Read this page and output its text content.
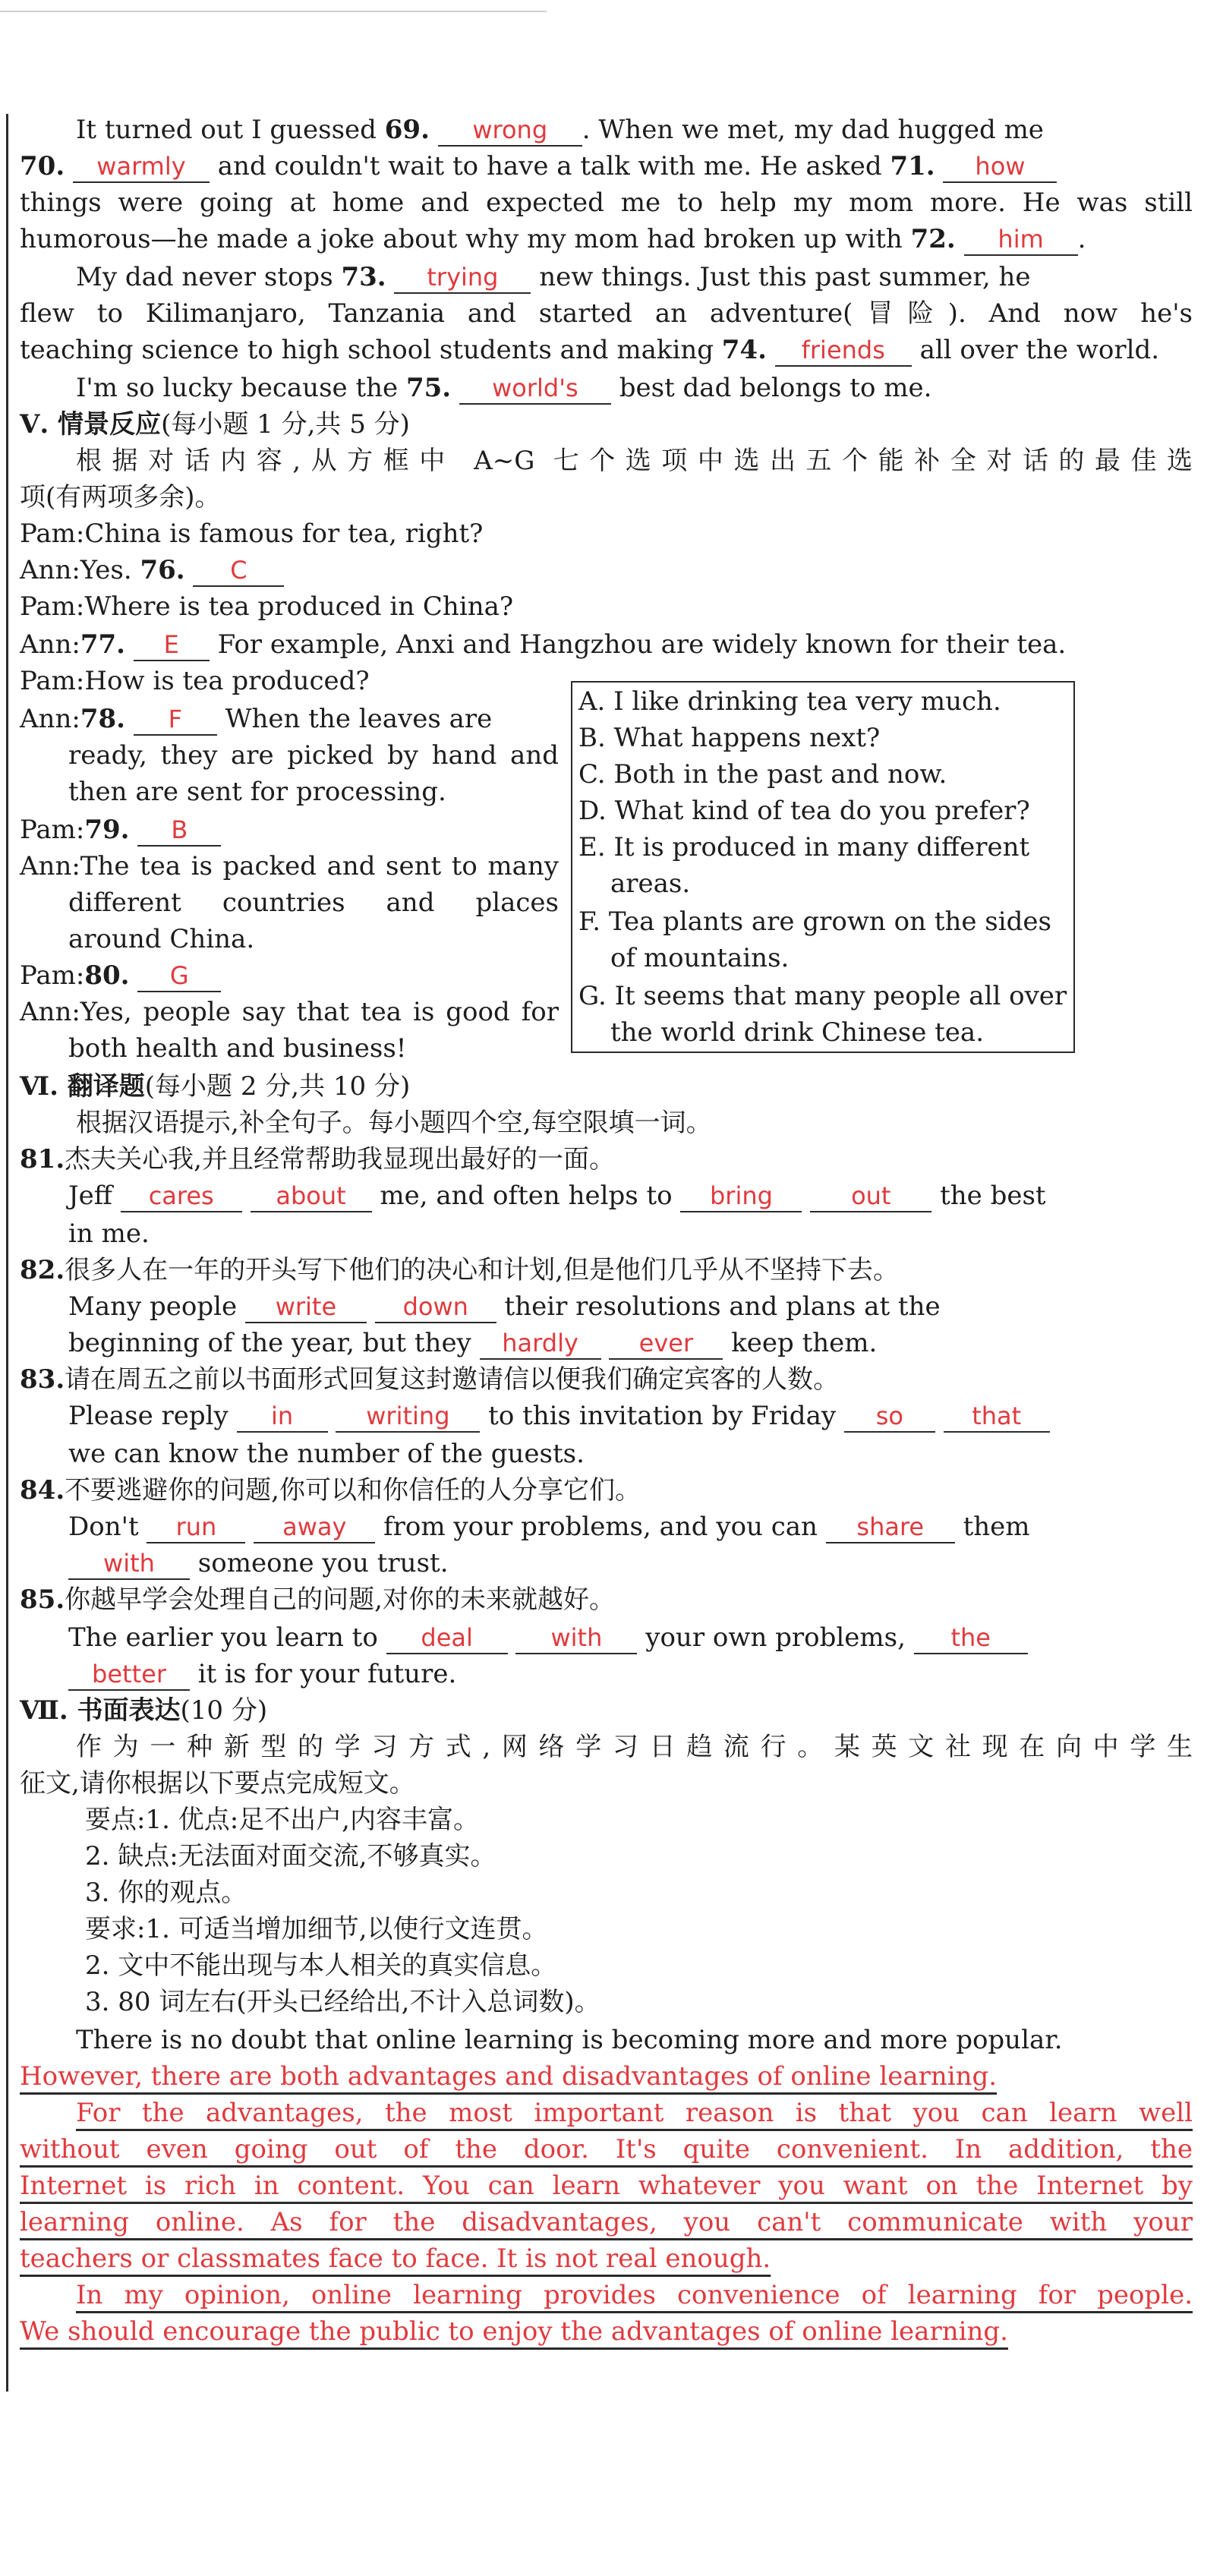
It turned out I guessed 69. wrong . When we met, my dad hugged me
70. warmly and couldn't wait to have a talk with me. He asked 71. how
things were going at home and expected me to help my mom more. He was still
humorous—he made a joke about why my mom had broken up with 72. him .
My dad never stops 73. trying new things. Just this past summer, he
flew to Kilimanjaro, Tanzania and started an adventure(冒险). And now he's
teaching science to high school students and making 74. friends all over the world.
I'm so lucky because the 75. world's best dad belongs to me.
Ⅴ. 情景反应(每小题 1 分,共 5 分)
根据对话内容,从方框中 A~G 七个选项中选出五个能补全对话的最佳选
项(有两项多余)。
Pam:China is famous for tea, right?
Ann:Yes. 76. C
Pam:Where is tea produced in China?
Ann:77. E For example, Anxi and Hangzhou are widely known for their tea.
Pam:How is tea produced?
Ann:78. F When the leaves are
ready, they are picked by hand and
then are sent for processing.
Pam:79. B
Ann:The tea is packed and sent to many
different countries and places
around China.
Pam:80. G
Ann:Yes, people say that tea is good for
both health and business!
A. I like drinking tea very much.
B. What happens next?
C. Both in the past and now.
D. What kind of tea do you prefer?
E. It is produced in many different
areas.
F. Tea plants are grown on the sides
of mountains.
G. It seems that many people all over
the world drink Chinese tea.
Ⅵ. 翻译题(每小题 2 分,共 10 分)
根据汉语提示,补全句子。每小题四个空,每空限填一词。
81.杰夫关心我,并且经常帮助我显现出最好的一面。
Jeff cares	about me, and often helps to bring	out the best
in me.
82.很多人在一年的开头写下他们的决心和计划,但是他们几乎从不坚持下去。
Many people write	down their resolutions and plans at the
beginning of the year, but they hardly ever keep them.
83.请在周五之前以书面形式回复这封邀请信以便我们确定宾客的人数。
Please reply in	writing to this invitation by Friday so	that
we can know the number of the guests.
84.不要逃避你的问题,你可以和你信任的人分享它们。
Don't run	away from your problems, and you can share them
with someone you trust.
85.你越早学会处理自己的问题,对你的未来就越好。
The earlier you learn to deal	with your own problems, the
better it is for your future.
Ⅶ. 书面表达(10 分)
作为一种新型的学习方式,网络学习日趋流行。某英文社现在向中学生
征文,请你根据以下要点完成短文。
要点:1. 优点:足不出户,内容丰富。
2. 缺点:无法面对面交流,不够真实。
3. 你的观点。
要求:1. 可适当增加细节,以使行文连贯。
2. 文中不能出现与本人相关的真实信息。
3. 80 词左右(开头已经给出,不计入总词数)。
There is no doubt that online learning is becoming more and more popular.
However, there are both advantages and disadvantages of online learning.
For the advantages, the most important reason is that you can learn well
without even going out of the door. It's quite convenient. In addition, the
Internet is rich in content. You can learn whatever you want on the Internet by
learning online. As for the disadvantages, you can't communicate with your
teachers or classmates face to face. It is not real enough.
In my opinion, online learning provides convenience of learning for people.
We should encourage the public to enjoy the advantages of online learning.
